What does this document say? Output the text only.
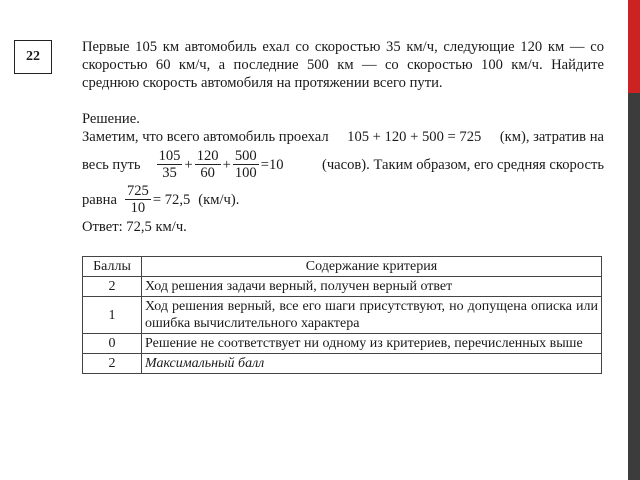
22

Первые 105 км автомобиль ехал со скоростью 35 км/ч, следующие 120 км — со скоростью 60 км/ч, а последние 500 км — со скоростью 100 км/ч. Найдите среднюю скорость автомобиля на протяжении всего пути.

Решение.

Заметим, что всего автомобиль проехал 105 + 120 + 500 = 725 (км), затратив на
весь путь $\frac{105}{35} + \frac{120}{60} + \frac{500}{100} =10$	(часов). Таким образом, его средняя скорость
равна $\frac{725}{10} = 72,5$ (км/ч).

Ответ: 72,5 км/ч.

Баллы	Содержание критерия
2	Ход решения задачи верный, получен верный ответ
1	Ход решения верный, все его шаги присутствуют, но допущена описка или ошибка вычислительного характера
0	Решение не соответствует ни одному из критериев, перечисленных выше
2	Максимальный балл
